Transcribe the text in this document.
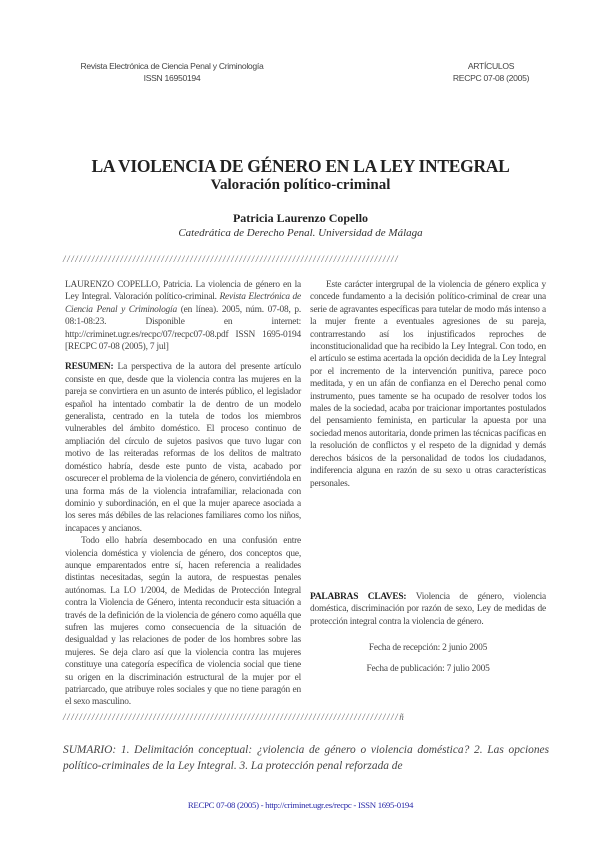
Revista Electrónica de Ciencia Penal y Criminología
ISSN 16950194
ARTÍCULOS
RECPC 07-08 (2005)
LA VIOLENCIA DE GÉNERO EN LA LEY INTEGRAL
Valoración político-criminal
Patricia Laurenzo Copello
Catedrática de Derecho Penal. Universidad de Málaga
//////////////////////////////////////////////////////////////////////////////////

LAURENZO COPELLO, Patricia. La violencia de género en la Ley Integral. Valoración político-criminal. Revista Electrónica de Ciencia Penal y Criminología (en línea). 2005, núm. 07-08, p. 08:1-08:23. Disponible en internet: http://criminet.ugr.es/recpc/07/recpc07-08.pdf ISSN 1695-0194 [RECPC 07-08 (2005), 7 jul]

RESUMEN: La perspectiva de la autora del presente artículo consiste en que, desde que la violencia contra las mujeres en la pareja se convirtiera en un asunto de interés público, el legislador español ha intentado combatir la de dentro de un modelo generalista, centrado en la tutela de todos los miembros vulnerables del ámbito doméstico. El proceso continuo de ampliación del círculo de sujetos pasivos que tuvo lugar con motivo de las reiteradas reformas de los delitos de maltrato doméstico habría, desde este punto de vista, acabado por oscurecer el problema de la violencia de género, convirtiéndola en una forma más de la violencia intrafamiliar, relacionada con dominio y subordinación, en el que la mujer aparece asociada a los seres más débiles de las relaciones familiares como los niños, incapaces y ancianos.

Todo ello habría desembocado en una confusión entre violencia doméstica y violencia de género, dos conceptos que, aunque emparentados entre sí, hacen referencia a realidades distintas necesitadas, según la autora, de respuestas penales autónomas. La LO 1/2004, de Medidas de Protección Integral contra la Violencia de Género, intenta reconducir esta situación a través de la definición de la violencia de género como aquélla que sufren las mujeres como consecuencia de la situación de desigualdad y las relaciones de poder de los hombres sobre las mujeres. Se deja claro así que la violencia contra las mujeres constituye una categoría específica de violencia social que tiene su origen en la discriminación estructural de la mujer por el patriarcado, que atribuye roles sociales y que no tiene paragón en el sexo masculino.

Este carácter intergrupal de la violencia de género explica y concede fundamento a la decisión político-criminal de crear una serie de agravantes específicas para tutelar de modo más intenso a la mujer frente a eventuales agresiones de su pareja, contrarrestando así los injustificados reproches de inconstitucionalidad que ha recibido la Ley Integral. Con todo, en el artículo se estima acertada la opción decidida de la Ley Integral por el incremento de la intervención punitiva, parece poco meditada, y en un afán de confianza en el Derecho penal como instrumento, pues tamente se ha ocupado de resolver todos los males de la sociedad, acaba por traicionar importantes postulados del pensamiento feminista, en particular la apuesta por una sociedad menos autoritaria, donde primen las técnicas pacíficas en la resolución de conflictos y el respeto de la dignidad y demás derechos básicos de la personalidad de todos los ciudadanos, indiferencia alguna en razón de su sexo u otras características personales.

PALABRAS CLAVES: Violencia de género, violencia doméstica, discriminación por razón de sexo, Ley de medidas de protección integral contra la violencia de género.

Fecha de recepción: 2 junio 2005
Fecha de publicación: 7 julio 2005
//////////////////////////////////////////////////////////////////////////////////ñ
SUMARIO: 1. Delimitación conceptual: ¿violencia de género o violencia doméstica? 2. Las opciones político-criminales de la Ley Integral. 3. La protección penal reforzada de
RECPC 07-08 (2005) - http://criminet.ugr.es/recpc - ISSN 1695-0194
